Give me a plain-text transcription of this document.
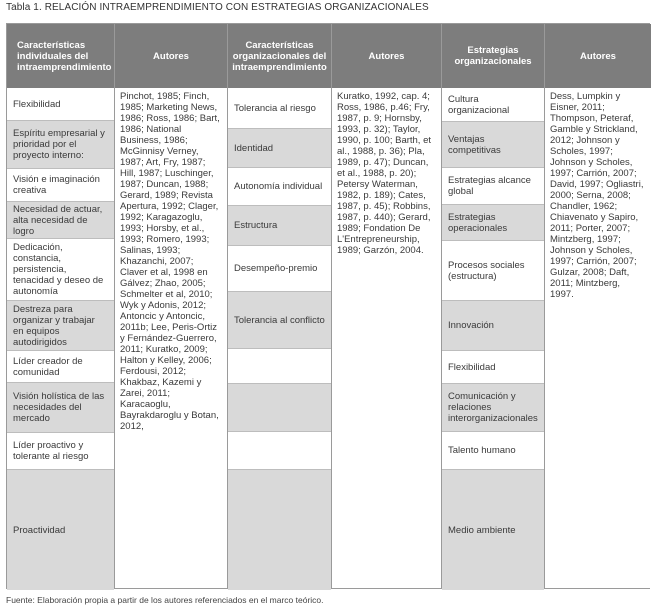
Tabla 1. RELACIÓN INTRAEMPRENDIMIENTO CON ESTRATEGIAS ORGANIZACIONALES
Características individuales del intraemprendimiento
Flexibilidad
Espíritu empresarial y prioridad por el proyecto interno:
Visión e imaginación creativa
Necesidad de actuar, alta necesidad de logro
Dedicación, constancia, persistencia, tenacidad y deseo de autonomía
Destreza para organizar y trabajar en equipos autodirigidos
Líder creador de comunidad
Visión holística de las necesidades del mercado
Líder proactivo y tolerante al riesgo
Proactividad
Autores
Pinchot, 1985; Finch, 1985; Marketing News, 1986; Ross, 1986; Bart, 1986; National Business, 1986; McGinnisy Verney, 1987; Art, Fry, 1987; Hill, 1987; Luschinger, 1987; Duncan, 1988; Gerard, 1989; Revista Apertura, 1992; Clager, 1992; Karagazoglu, 1993; Horsby, et al., 1993; Romero, 1993; Salinas, 1993; Khazanchi, 2007; Claver et al, 1998 en Gálvez; Zhao, 2005; Schmelter et al, 2010; Wyk y Adonis, 2012; Antoncic y Antoncic, 2011b; Lee, Peris-Ortiz y Fernández-Guerrero, 2011; Kuratko, 2009; Halton y Kelley, 2006; Ferdousi, 2012; Khakbaz, Kazemi y Zarei, 2011; Karacaoglu, Bayrakdaroglu y Botan, 2012,
Características organizacionales del intraemprendimiento
Tolerancia al riesgo
Identidad
Autonomía individual
Estructura
Desempeño-premio
Tolerancia al conflicto
Autores
Kuratko, 1992, cap. 4; Ross, 1986, p.46; Fry, 1987, p. 9; Hornsby, 1993, p. 32); Taylor, 1990, p. 100; Barth, et al., 1988, p. 36); Pla, 1989, p. 47); Duncan, et al., 1988, p. 20); Petersy Waterman, 1982, p. 189); Cates, 1987, p. 45); Robbins, 1987, p. 440); Gerard, 1989; Fondation De L'Entrepreneurship, 1989; Garzón, 2004.
Estrategias organizacionales
Cultura organizacional
Ventajas competitivas
Estrategias alcance global
Estrategias operacionales
Procesos sociales (estructura)
Innovación
Flexibilidad
Comunicación y relaciones interorganizacionales
Talento humano
Medio ambiente
Autores
Dess, Lumpkin y Eisner, 2011; Thompson, Peteraf, Gamble y Strickland, 2012; Johnson y Scholes, 1997; Johnson y Scholes, 1997; Carrión, 2007; David, 1997; Ogliastri, 2000; Serna, 2008; Chandler, 1962; Chiavenato y Sapiro, 2011; Porter, 2007; Mintzberg, 1997; Johnson y Scholes, 1997; Carrión, 2007; Gulzar, 2008; Daft, 2011; Mintzberg, 1997.
Fuente: Elaboración propia a partir de los autores referenciados en el marco teórico.
